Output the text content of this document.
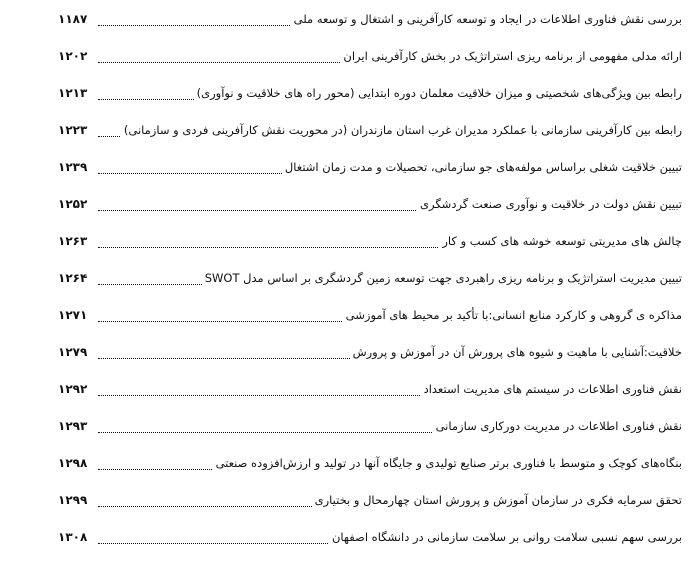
بررسی نقش فناوری اطلاعات در ایجاد و توسعه کارآفرینی و اشتغال و توسعه ملی
۱۱۸۷
ارائه مدلی مفهومی از برنامه ریزی استراتژیک در بخش کارآفرینی ایران
۱۲۰۲
رابطه بین ویژگی‌های شخصیتی و میزان خلاقیت معلمان دوره ابتدایی (محور راه های خلاقیت و نوآوری)
۱۲۱۳
رابطه بین کارآفرینی سازمانی با عملکرد مدیران غرب استان مازندران (در محوریت نقش کارآفرینی فردی و سازمانی)
۱۲۲۳
تبیین خلاقیت شغلی براساس مولفه‌های جو سازمانی، تحصیلات و مدت زمان اشتغال
۱۲۳۹
تبیین نقش دولت در خلاقیت و نوآوری صنعت گردشگری
۱۲۵۲
چالش های مدیریتی توسعه خوشه های کسب و کار
۱۲۶۳
تبیین مدیریت استراتژیک و برنامه ریزی راهبردی جهت توسعه زمین گردشگری بر اساس مدل SWOT
۱۲۶۴
مذاکره ی گروهی و کارکرد منابع انسانی:با تأکید بر محیط های آموزشی
۱۲۷۱
خلاقیت:آشنایی با ماهیت و شیوه های پرورش آن در آموزش و پرورش
۱۲۷۹
نقش فناوری اطلاعات در سیستم های مدیریت استعداد
۱۲۹۲
نقش فناوری اطلاعات در مدیریت دورکاری سازمانی
۱۲۹۳
بنگاه‌های کوچک و متوسط با فناوری برتر صنایع تولیدی و جایگاه آنها در تولید و ارزش‌افزوده صنعتی
۱۲۹۸
تحقق سرمایه فکری در سازمان آموزش و پرورش استان چهارمحال و بختیاری
۱۲۹۹
بررسی سهم نسبی سلامت روانی بر سلامت سازمانی در دانشگاه اصفهان
۱۳۰۸
